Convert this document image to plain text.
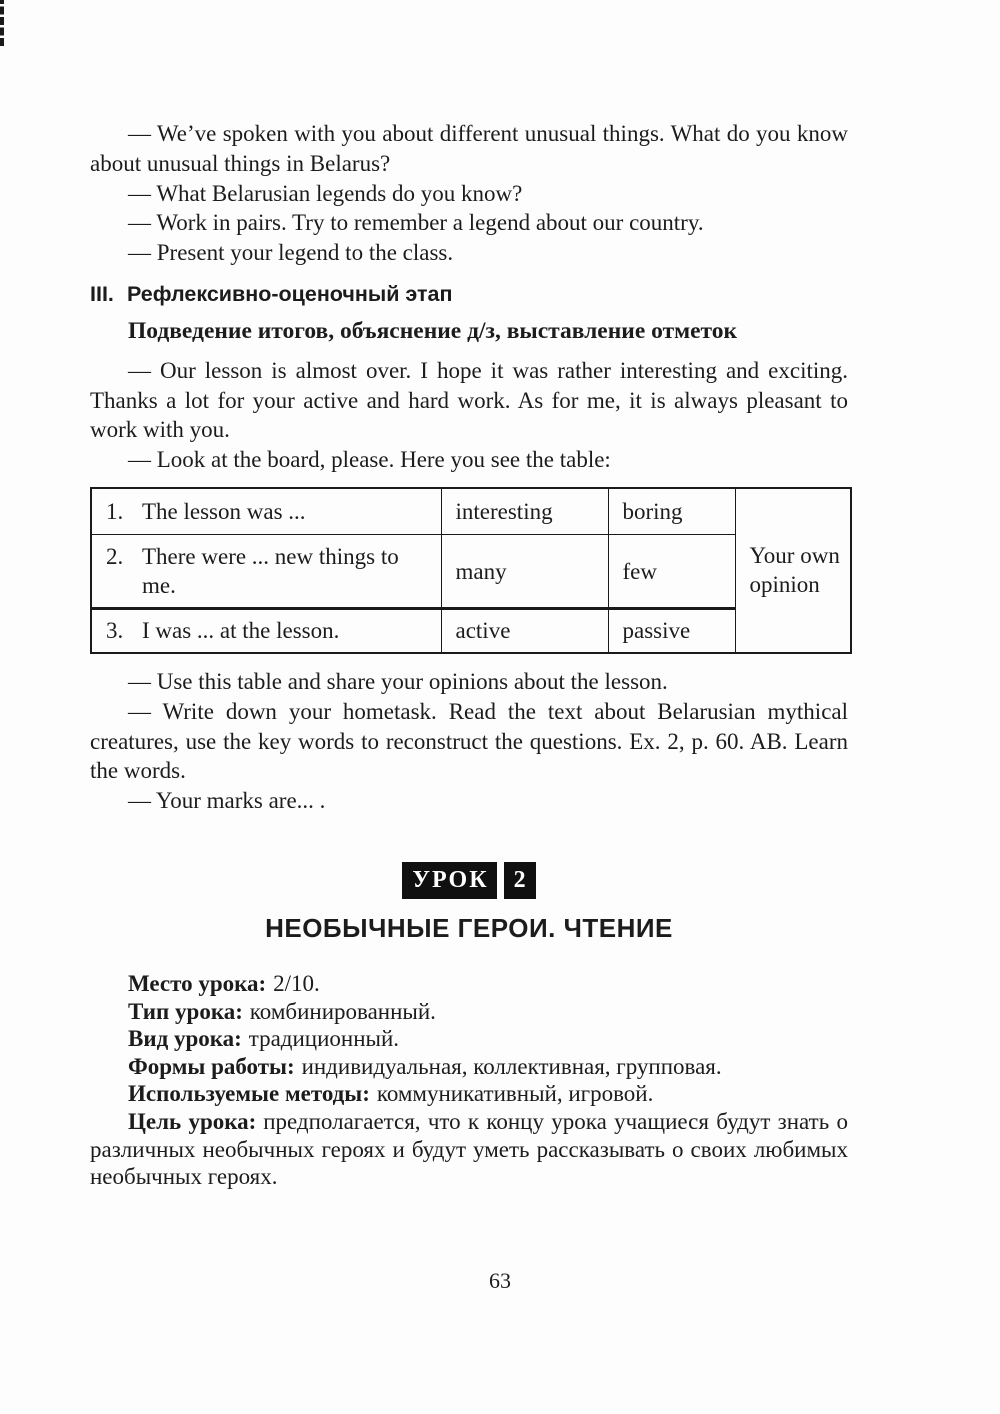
— We’ve spoken with you about different unusual things. What do you know about unusual things in Belarus?

— What Belarusian legends do you know?

— Work in pairs. Try to remember a legend about our country.

— Present your legend to the class.

III. Рефлексивно-оценочный этап

Подведение итогов, объяснение д/з, выставление отметок

— Our lesson is almost over. I hope it was rather interesting and exciting. Thanks a lot for your active and hard work. As for me, it is always pleasant to work with you.

— Look at the board, please. Here you see the table:

1. The lesson was ...	interesting	boring	Your own opinion

2. There were ... new things to me.	many	few	

3. I was ... at the lesson.	active	passive	

— Use this table and share your opinions about the lesson.

— Write down your hometask. Read the text about Belarusian mythical creatures, use the key words to reconstruct the questions. Ex. 2, p. 60. AB. Learn the words.

— Your marks are... .

УРОК	2
НЕОБЫЧНЫЕ ГЕРОИ. ЧТЕНИЕ

Место урока: 2/10.

Тип урока: комбинированный.

Вид урока: традиционный.

Формы работы: индивидуальная, коллективная, групповая.

Используемые методы: коммуникативный, игровой.

Цель урока: предполагается, что к концу урока учащиеся будут знать о различных необычных героях и будут уметь рассказывать о своих любимых необычных героях.

63
